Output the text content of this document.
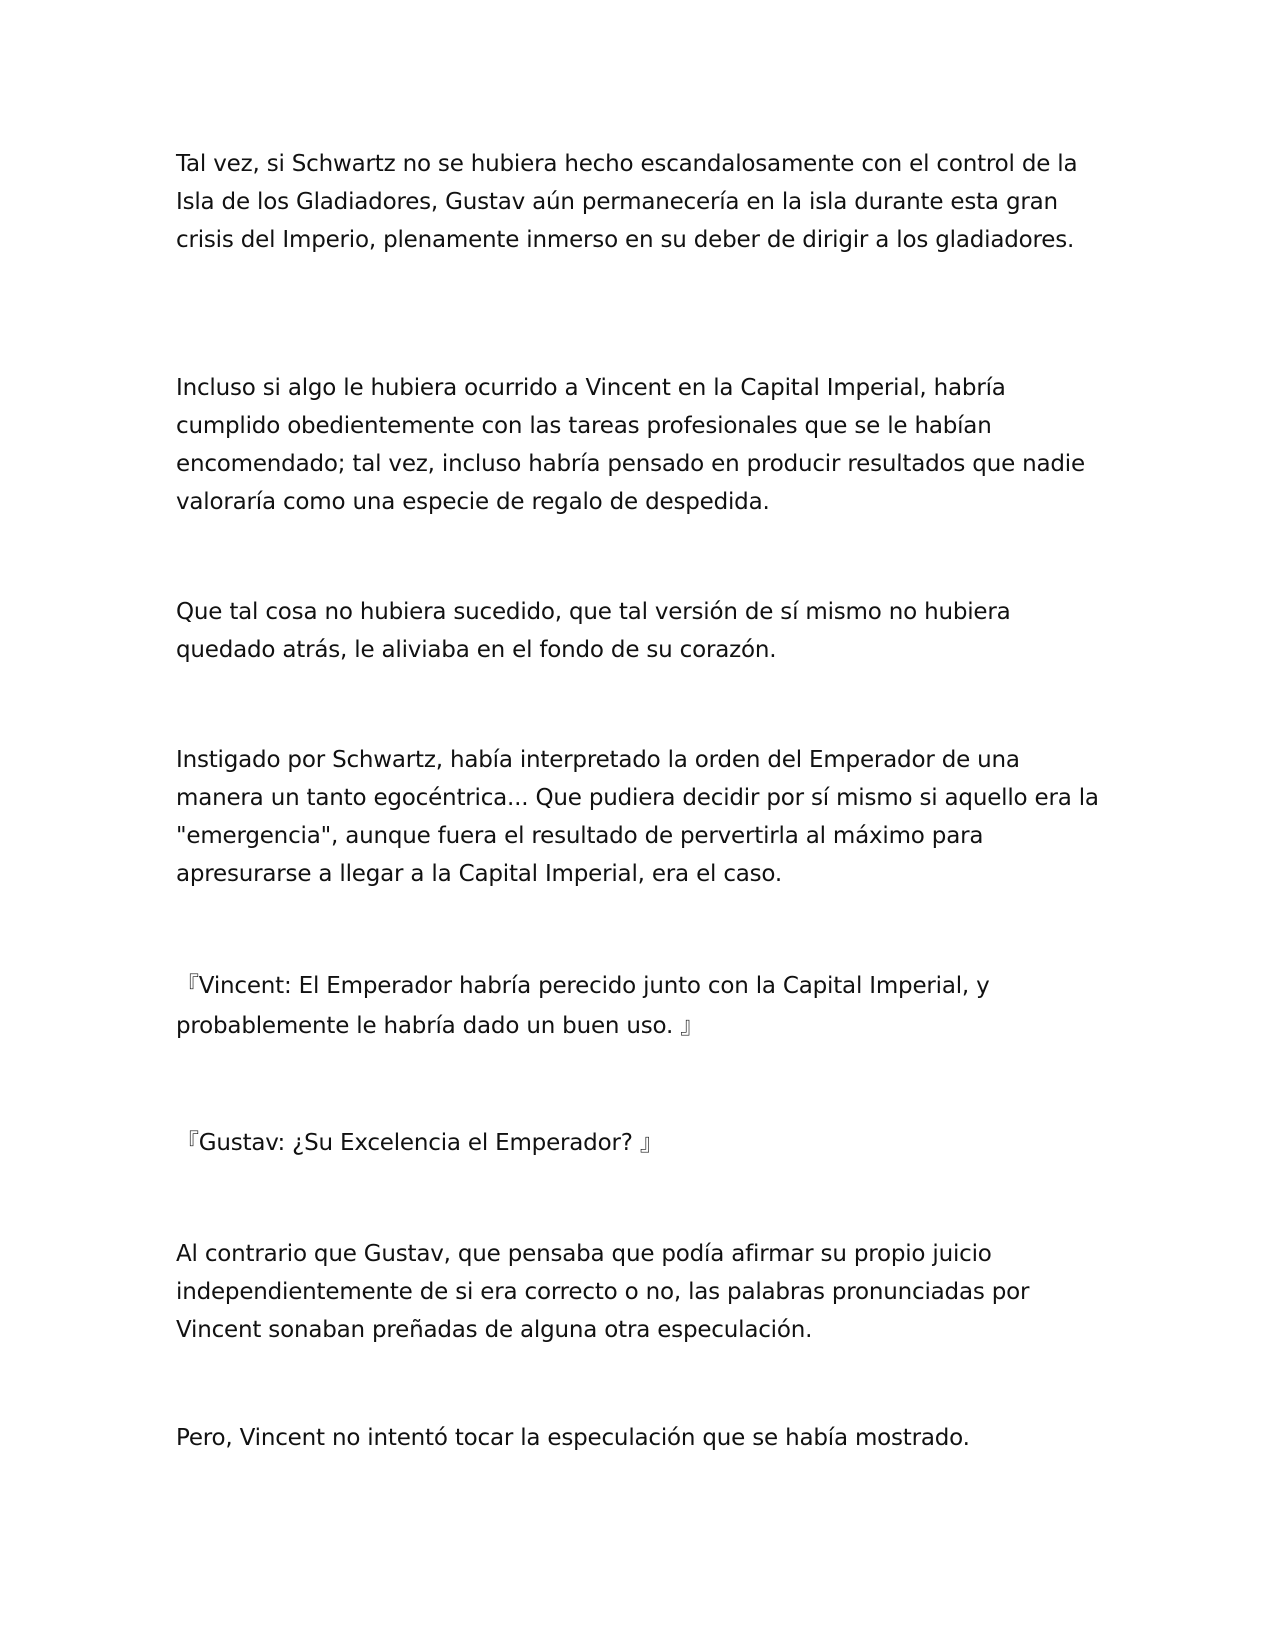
Tal vez, si Schwartz no se hubiera hecho escandalosamente con el control de la Isla de los Gladiadores, Gustav aún permanecería en la isla durante esta gran crisis del Imperio, plenamente inmerso en su deber de dirigir a los gladiadores.

Incluso si algo le hubiera ocurrido a Vincent en la Capital Imperial, habría cumplido obedientemente con las tareas profesionales que se le habían encomendado; tal vez, incluso habría pensado en producir resultados que nadie valoraría como una especie de regalo de despedida.

Que tal cosa no hubiera sucedido, que tal versión de sí mismo no hubiera quedado atrás, le aliviaba en el fondo de su corazón.

Instigado por Schwartz, había interpretado la orden del Emperador de una manera un tanto egocéntrica... Que pudiera decidir por sí mismo si aquello era la "emergencia", aunque fuera el resultado de pervertirla al máximo para apresurarse a llegar a la Capital Imperial, era el caso.

『Vincent: El Emperador habría perecido junto con la Capital Imperial, y probablemente le habría dado un buen uso. 』

『Gustav: ¿Su Excelencia el Emperador? 』

Al contrario que Gustav, que pensaba que podía afirmar su propio juicio independientemente de si era correcto o no, las palabras pronunciadas por Vincent sonaban preñadas de alguna otra especulación.

Pero, Vincent no intentó tocar la especulación que se había mostrado.
